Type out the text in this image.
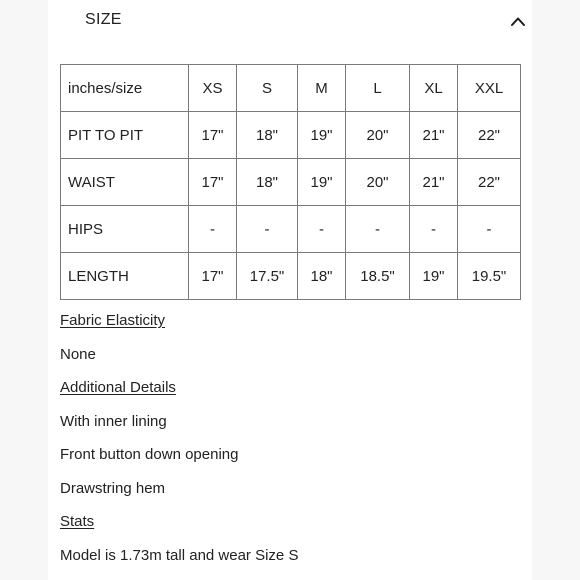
SIZE
inches/size	XS	S	M	L	XL	XXL
PIT TO PIT	17"	18"	19"	20"	21"	22"
WAIST	17"	18"	19"	20"	21"	22"
HIPS	-	-	-	-	-	-
LENGTH	17"	17.5"	18"	18.5"	19"	19.5"
Fabric Elasticity
None
Additional Details
With inner lining
Front button down opening
Drawstring hem
Stats
Model is 1.73m tall and wear Size S
